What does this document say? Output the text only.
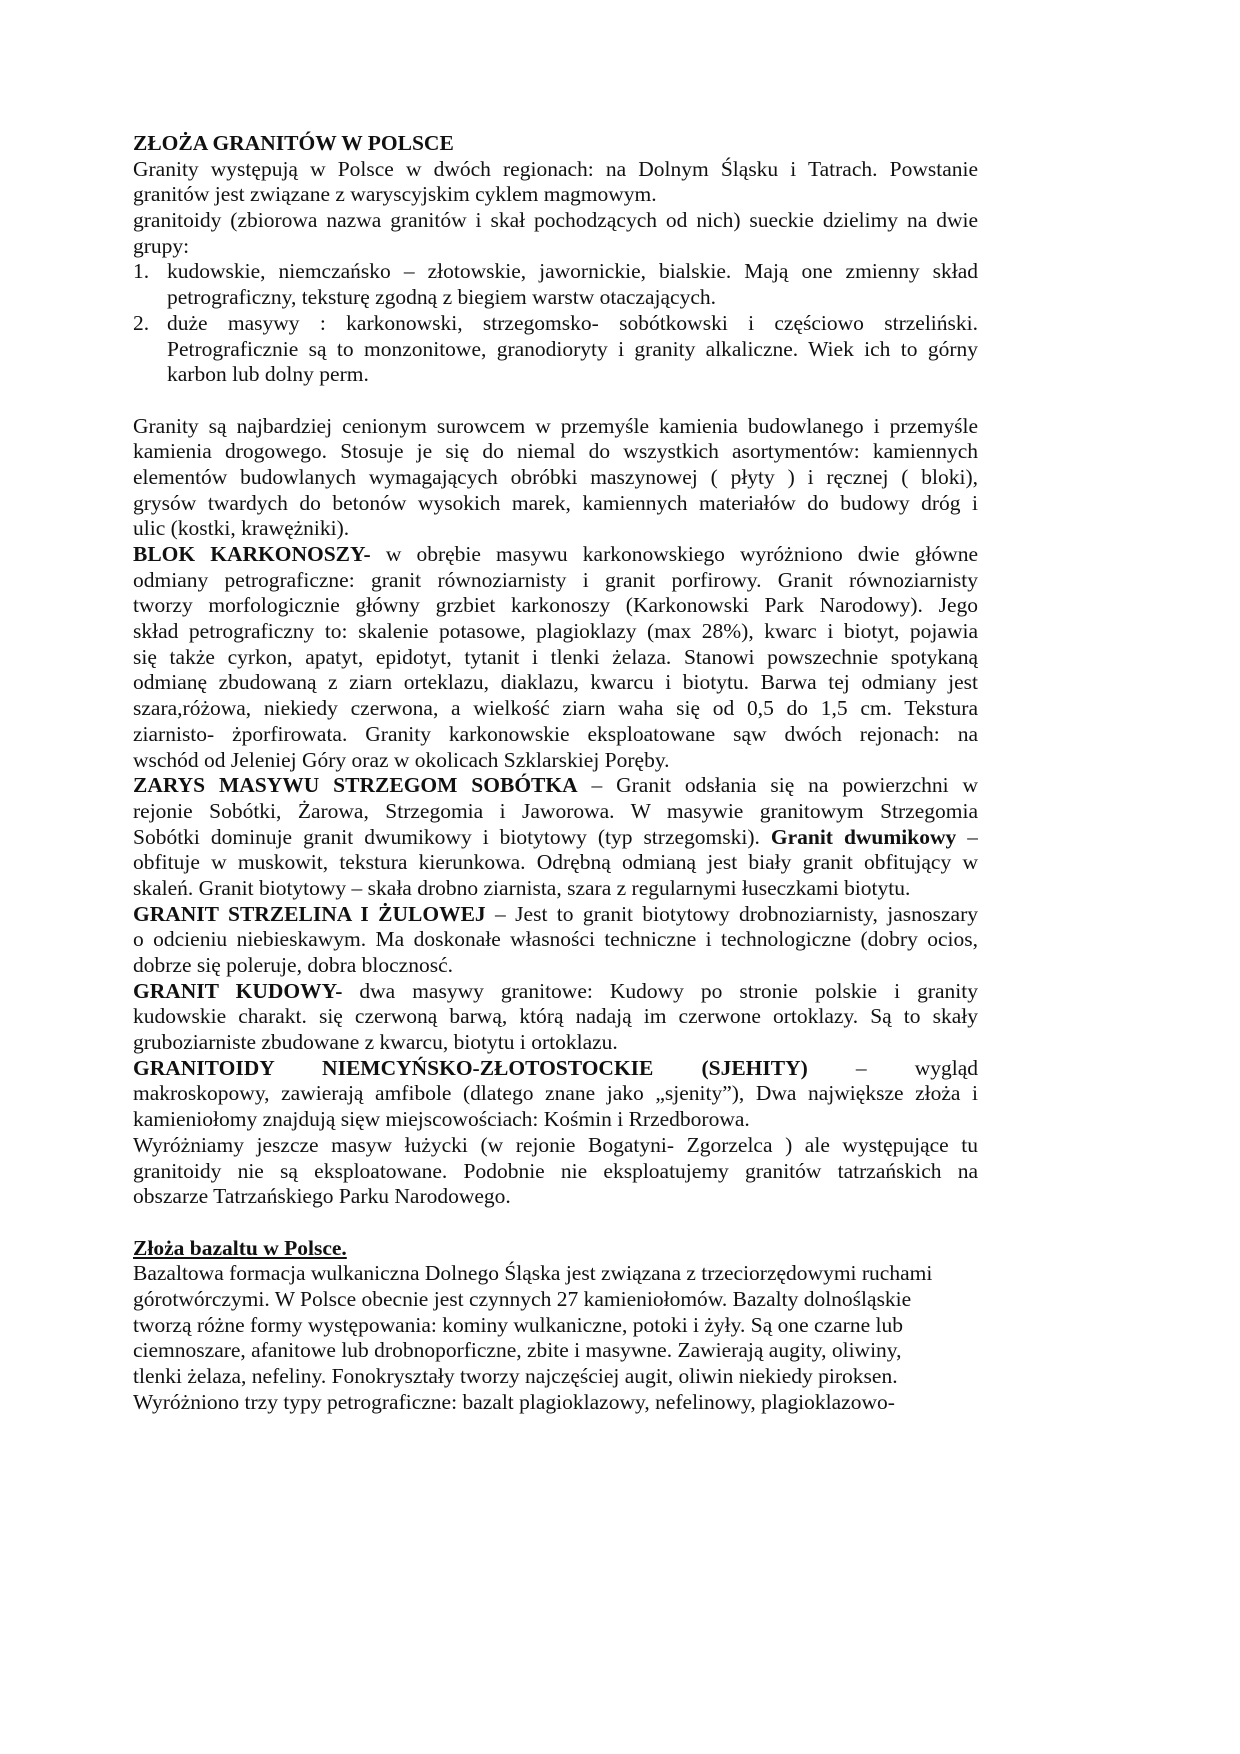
ZŁOŻA GRANITÓW W POLSCE
Granity występują w Polsce w dwóch regionach: na Dolnym Śląsku i Tatrach. Powstanie
granitów jest związane z waryscyjskim cyklem magmowym.
granitoidy (zbiorowa nazwa granitów i skał pochodzących od nich) sueckie dzielimy na dwie
grupy:
1. kudowskie, niemczańsko – złotowskie, jawornickie, bialskie. Mają one zmienny skład
petrograficzny, teksturę zgodną z biegiem warstw otaczających.
2. duże masywy : karkonowski, strzegomsko- sobótkowski i częściowo strzeliński.
Petrograficznie są to monzonitowe, granodioryty i granity alkaliczne. Wiek ich to górny
karbon lub dolny perm.
Granity są najbardziej cenionym surowcem w przemyśle kamienia budowlanego i przemyśle
kamienia drogowego. Stosuje je się do niemal do wszystkich asortymentów: kamiennych
elementów budowlanych wymagających obróbki maszynowej ( płyty ) i ręcznej ( bloki),
grysów twardych do betonów wysokich marek, kamiennych materiałów do budowy dróg i
ulic (kostki, krawężniki).
BLOK KARKONOSZY- w obrębie masywu karkonowskiego wyróżniono dwie główne
odmiany petrograficzne: granit równoziarnisty i granit porfirowy. Granit równoziarnisty
tworzy morfologicznie główny grzbiet karkonoszy (Karkonowski Park Narodowy). Jego
skład petrograficzny to: skalenie potasowe, plagioklazy (max 28%), kwarc i biotyt, pojawia
się także cyrkon, apatyt, epidotyt, tytanit i tlenki żelaza. Stanowi powszechnie spotykaną
odmianę zbudowaną z ziarn orteklazu, diaklazu, kwarcu i biotytu. Barwa tej odmiany jest
szara,różowa, niekiedy czerwona, a wielkość ziarn waha się od 0,5 do 1,5 cm. Tekstura
ziarnisto- żporfirowata. Granity karkonowskie eksploatowane sąw dwóch rejonach: na
wschód od Jeleniej Góry oraz w okolicach Szklarskiej Poręby.
ZARYS MASYWU STRZEGOM SOBÓTKA – Granit odsłania się na powierzchni w
rejonie Sobótki, Żarowa, Strzegomia i Jaworowa. W masywie granitowym Strzegomia
Sobótki dominuje granit dwumikowy i biotytowy (typ strzegomski). Granit dwumikowy –
obfituje w muskowit, tekstura kierunkowa. Odrębną odmianą jest biały granit obfitujący w
skaleń. Granit biotytowy – skała drobno ziarnista, szara z regularnymi łuseczkami biotytu.
GRANIT STRZELINA I ŻULOWEJ – Jest to granit biotytowy drobnoziarnisty, jasnoszary
o odcieniu niebieskawym. Ma doskonałe własności techniczne i technologiczne (dobry ocios,
dobrze się poleruje, dobra blocznosć.
GRANIT KUDOWY- dwa masywy granitowe: Kudowy po stronie polskie i granity
kudowskie charakt. się czerwoną barwą, którą nadają im czerwone ortoklazy. Są to skały
gruboziarniste zbudowane z kwarcu, biotytu i ortoklazu.
GRANITOIDY NIEMCYŃSKO-ZŁOTOSTOCKIE (SJEHITY) – wygląd
makroskopowy, zawierają amfibole (dlatego znane jako „sjenity”), Dwa największe złoża i
kamieniołomy znajdują sięw miejscowościach: Kośmin i Rrzedborowa.
Wyróżniamy jeszcze masyw łużycki (w rejonie Bogatyni- Zgorzelca ) ale występujące tu
granitoidy nie są eksploatowane. Podobnie nie eksploatujemy granitów tatrzańskich na
obszarze Tatrzańskiego Parku Narodowego.
Złoża bazaltu w Polsce.
Bazaltowa formacja wulkaniczna Dolnego Śląska jest związana z trzeciorzędowymi ruchami
górotwórczymi. W Polsce obecnie jest czynnych 27 kamieniołomów. Bazalty dolnośląskie
tworzą różne formy występowania: kominy wulkaniczne, potoki i żyły. Są one czarne lub
ciemnoszare, afanitowe lub drobnoporficzne, zbite i masywne. Zawierają augity, oliwiny,
tlenki żelaza, nefeliny. Fonokryształy tworzy najczęściej augit, oliwin niekiedy piroksen.
Wyróżniono trzy typy petrograficzne: bazalt plagioklazowy, nefelinowy, plagioklazowo-
